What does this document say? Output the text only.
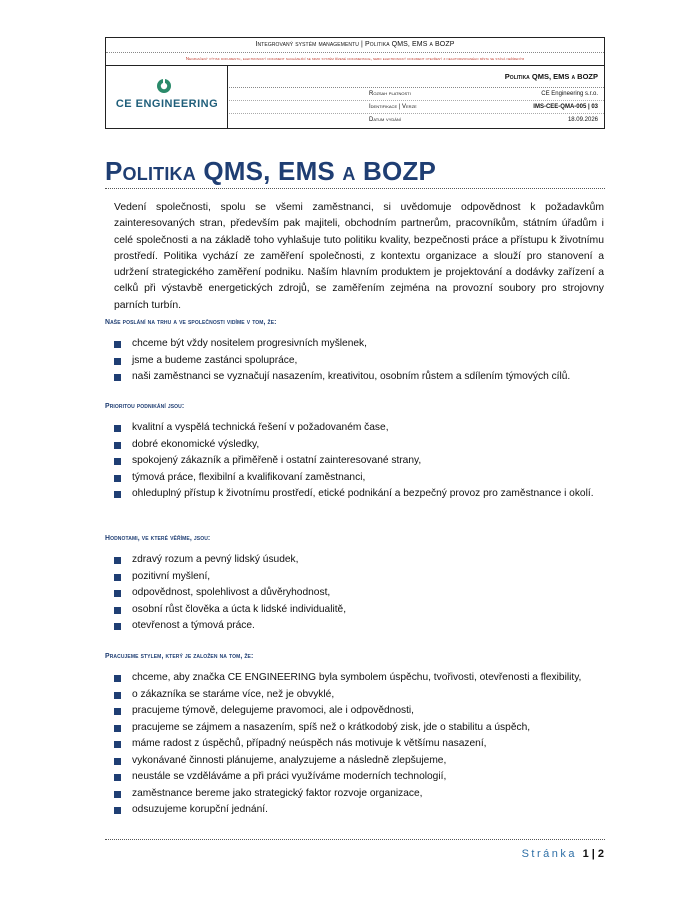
Integrovaný systém managementu | Politika QMS, EMS a BOZP
Neoznačený výtisk dokumentu, elektronický dokument nacházející se mimo systém řízené dokumentace, nebo elektronický dokument otevřený z neautorizovaného místa se stává neřízeným
CE ENGINEERING
Politika QMS, EMS a BOZP
Rozsah platnosti	CE Engineering s.r.o.
Identifikace | Verze	IMS-CEE-QMA-005 | 03
Datum vydání	18.09.2026
Politika QMS, EMS a BOZP
Vedení společnosti, spolu se všemi zaměstnanci, si uvědomuje odpovědnost k požadavkům zainteresovaných stran, především pak majiteli, obchodním partnerům, pracovníkům, státním úřadům i celé společnosti a na základě toho vyhlašuje tuto politiku kvality, bezpečnosti práce a přístupu k životnímu prostředí. Politika vychází ze zaměření společnosti, z kontextu organizace a slouží pro stanovení a udržení strategického zaměření podniku. Naším hlavním produktem je projektování a dodávky zařízení a celků při výstavbě energetických zdrojů, se zaměřením zejména na provozní soubory pro strojovny parních turbín.
Naše poslání na trhu a ve společnosti vidíme v tom, že:
chceme být vždy nositelem progresivních myšlenek,
jsme a budeme zastánci spolupráce,
naši zaměstnanci se vyznačují nasazením, kreativitou, osobním růstem a sdílením týmových cílů.
Prioritou podnikání jsou:
kvalitní a vyspělá technická řešení v požadovaném čase,
dobré ekonomické výsledky,
spokojený zákazník a přiměřeně i ostatní zainteresované strany,
týmová práce, flexibilní a kvalifikovaní zaměstnanci,
ohleduplný přístup k životnímu prostředí, etické podnikání a bezpečný provoz pro zaměstnance i okolí.
Hodnotami, ve které věříme, jsou:
zdravý rozum a pevný lidský úsudek,
pozitivní myšlení,
odpovědnost, spolehlivost a důvěryhodnost,
osobní růst člověka a úcta k lidské individualitě,
otevřenost a týmová práce.
Pracujeme stylem, který je založen na tom, že:
chceme, aby značka CE ENGINEERING byla symbolem úspěchu, tvořivosti, otevřenosti a flexibility,
o zákazníka se staráme více, než je obvyklé,
pracujeme týmově, delegujeme pravomoci, ale i odpovědnosti,
pracujeme se zájmem a nasazením, spíš než o krátkodobý zisk, jde o stabilitu a úspěch,
máme radost z úspěchů, případný neúspěch nás motivuje k většímu nasazení,
vykonávané činnosti plánujeme, analyzujeme a následně zlepšujeme,
neustále se vzděláváme a při práci využíváme moderních technologií,
zaměstnance bereme jako strategický faktor rozvoje organizace,
odsuzujeme korupční jednání.
Stránka 1 | 2
